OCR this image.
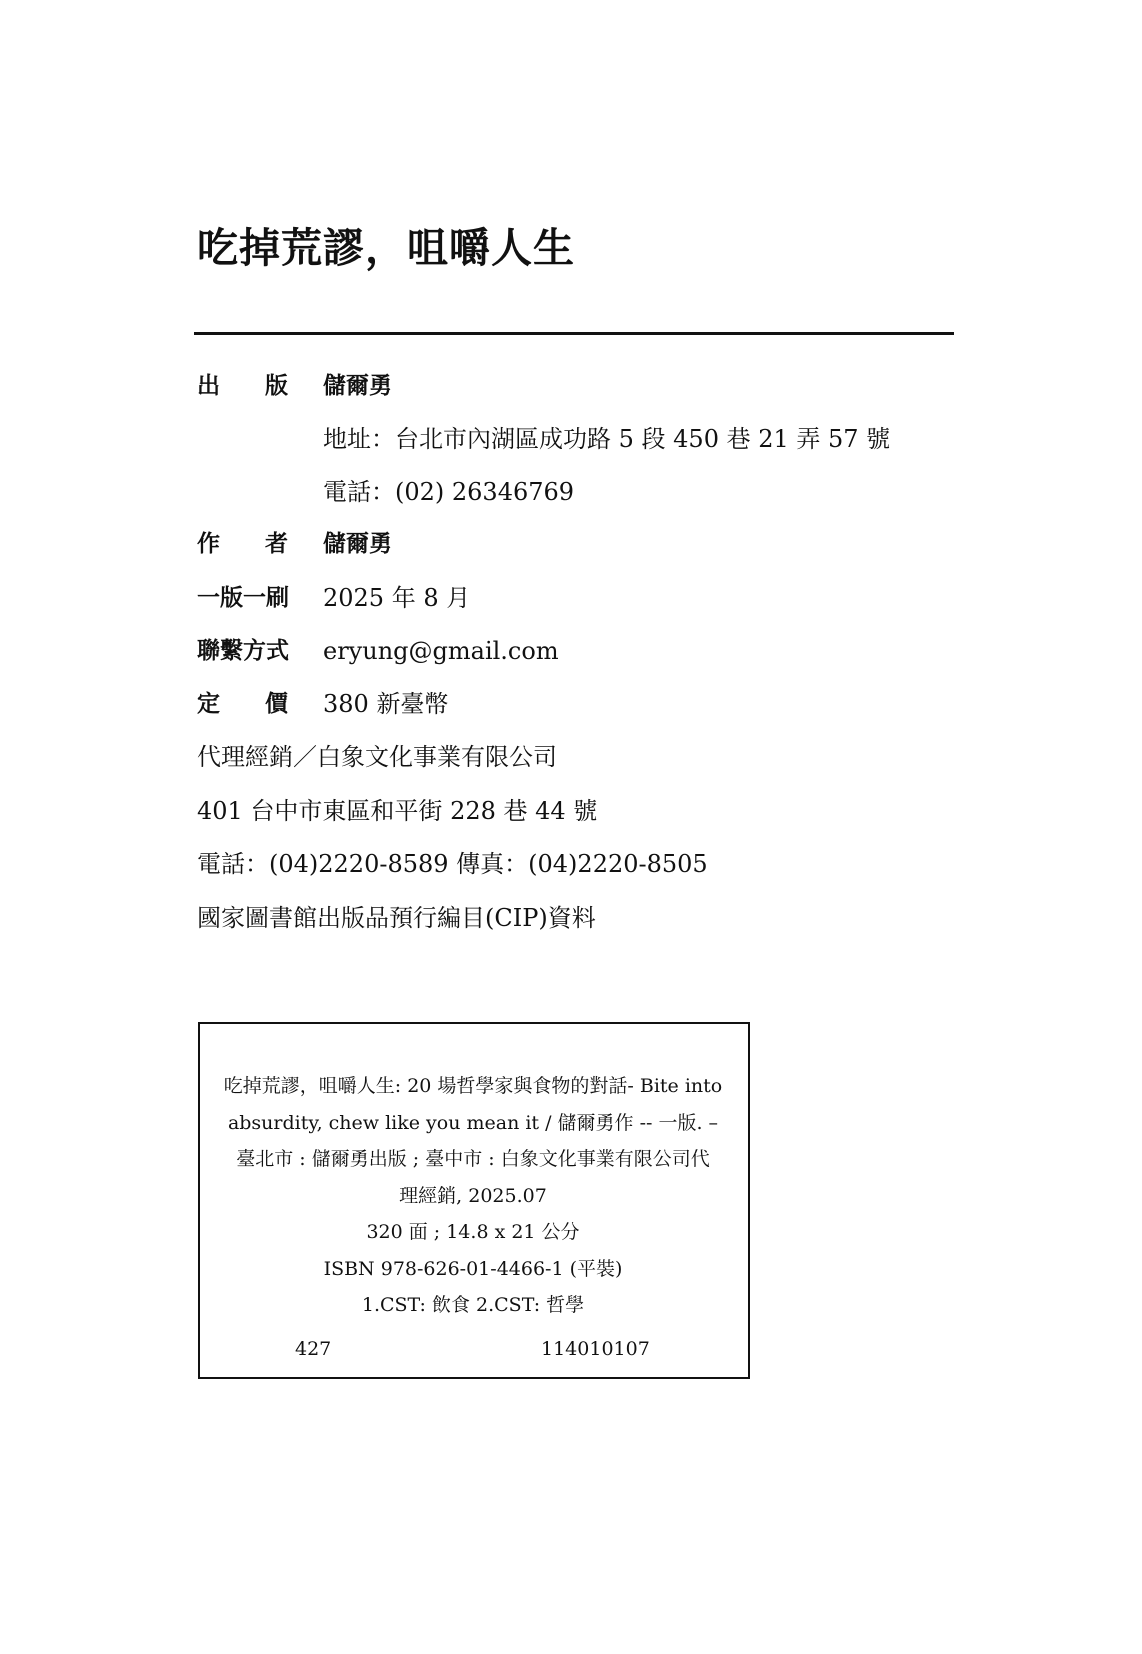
吃掉荒謬，咀嚼人生
出 版 儲爾勇
地址：台北市內湖區成功路 5 段 450 巷 21 弄 57 號
電話：(02) 26346769
作 者 儲爾勇
一版一刷 2025 年 8 月
聯繫方式 eryung@gmail.com
定 價 380 新臺幣
代理經銷／白象文化事業有限公司
401 台中市東區和平街 228 巷 44 號
電話：(04)2220-8589 傳真：(04)2220-8505
國家圖書館出版品預行編目(CIP)資料
吃掉荒謬，咀嚼人生: 20 場哲學家與食物的對話- Bite into
absurdity, chew like you mean it / 儲爾勇作 -- 一版. –
臺北市 : 儲爾勇出版 ; 臺中市 : 白象文化事業有限公司代
理經銷, 2025.07
320 面 ; 14.8 x 21 公分
ISBN 978-626-01-4466-1 (平裝)
1.CST: 飲食 2.CST: 哲學
427	114010107
